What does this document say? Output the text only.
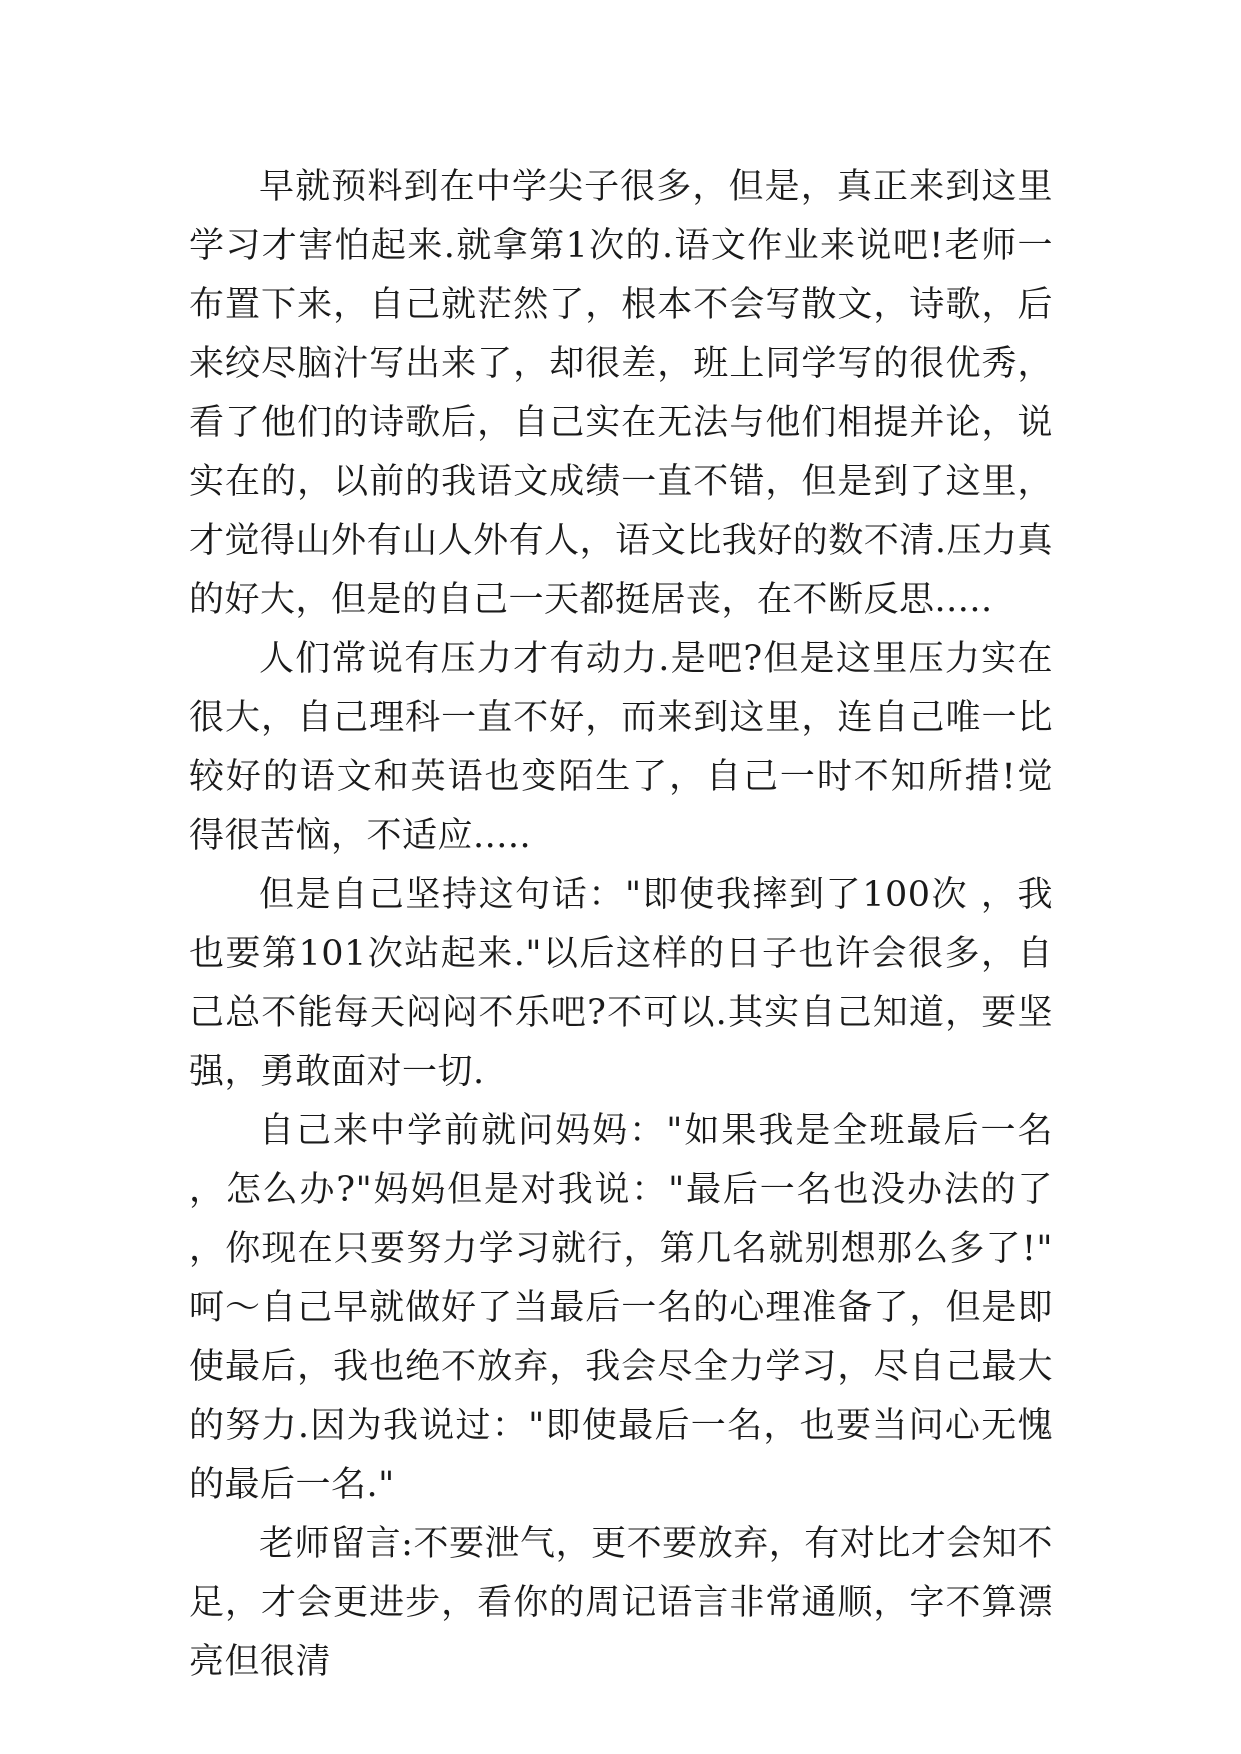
早就预料到在中学尖子很多，但是，真正来到这里学习才害怕起来.就拿第1次的.语文作业来说吧!老师一布置下来，自己就茫然了，根本不会写散文，诗歌，后来绞尽脑汁写出来了，却很差，班上同学写的很优秀，看了他们的诗歌后，自己实在无法与他们相提并论，说实在的，以前的我语文成绩一直不错，但是到了这里，才觉得山外有山人外有人，语文比我好的数不清.压力真的好大，但是的自己一天都挺居丧，在不断反思.....

人们常说有压力才有动力.是吧?但是这里压力实在很大，自己理科一直不好，而来到这里，连自己唯一比较好的语文和英语也变陌生了，自己一时不知所措!觉得很苦恼，不适应.....

但是自己坚持这句话："即使我摔到了100次 ，我也要第101次站起来."以后这样的日子也许会很多，自己总不能每天闷闷不乐吧?不可以.其实自己知道，要坚强，勇敢面对一切.

自己来中学前就问妈妈："如果我是全班最后一名，怎么办?"妈妈但是对我说："最后一名也没办法的了，你现在只要努力学习就行，第几名就别想那么多了!"呵～自己早就做好了当最后一名的心理准备了，但是即使最后，我也绝不放弃，我会尽全力学习，尽自己最大的努力.因为我说过："即使最后一名，也要当问心无愧的最后一名."

老师留言:不要泄气，更不要放弃，有对比才会知不足，才会更进步，看你的周记语言非常通顺，字不算漂亮但很清
